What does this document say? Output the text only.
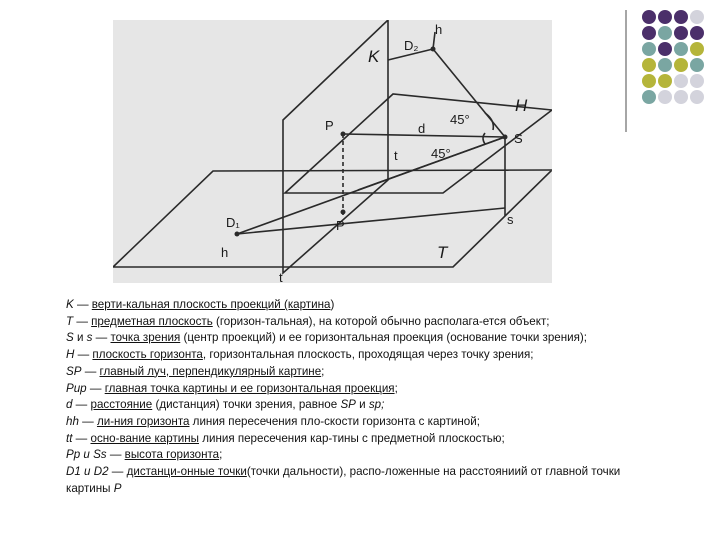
K
D₂
h
H
P	d
45°
45°
S
t
D₁	P	s
h	T
t

K — верти-кальная плоскость проекций (картина)

T — предметная плоскость (горизон-тальная), на которой обычно располага-ется объект;

S и s — точка зрения (центр проекций) и ее горизонтальная проекция (основание точки зрения);

H — плоскость горизонта, горизонтальная плоскость, проходящая через точку зрения;

SP — главный луч, перпендикулярный картине;

Pup — главная точка картины и ее горизонтальная проекция;

d — расстояние (дистанция) точки зрения, равное SP и sp;

hh — ли-ния горизонта линия пересечения пло-скости горизонта с картиной;

tt — осно-вание картины линия пересечения кар-тины с предметной плоскостью;

Pp и Ss — высота горизонта;

D1 и D2 — дистанци-онные точки(точки дальности), распо-ложенные на расстояниий от главной точки картины P
